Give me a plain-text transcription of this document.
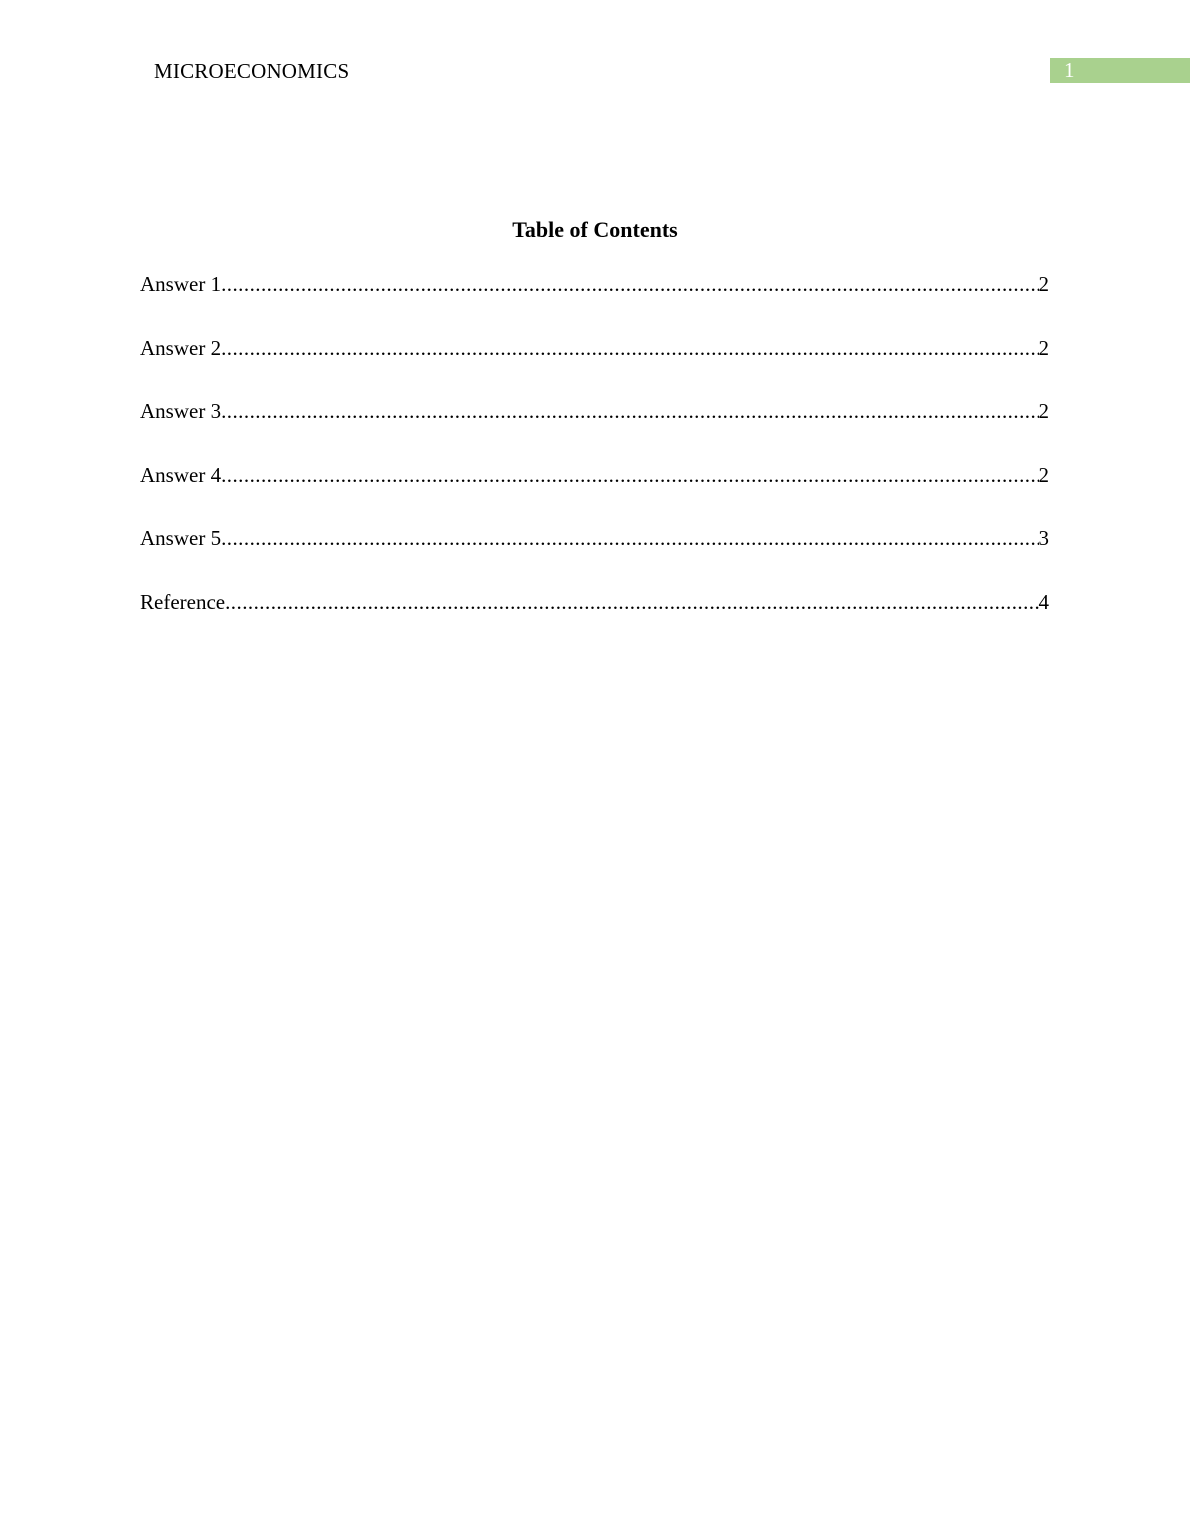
MICROECONOMICS	1
Table of Contents
Answer 1 .....	2
Answer 2 .....	2
Answer 3 .....	2
Answer 4 .....	2
Answer 5 .....	3
Reference .....	4
